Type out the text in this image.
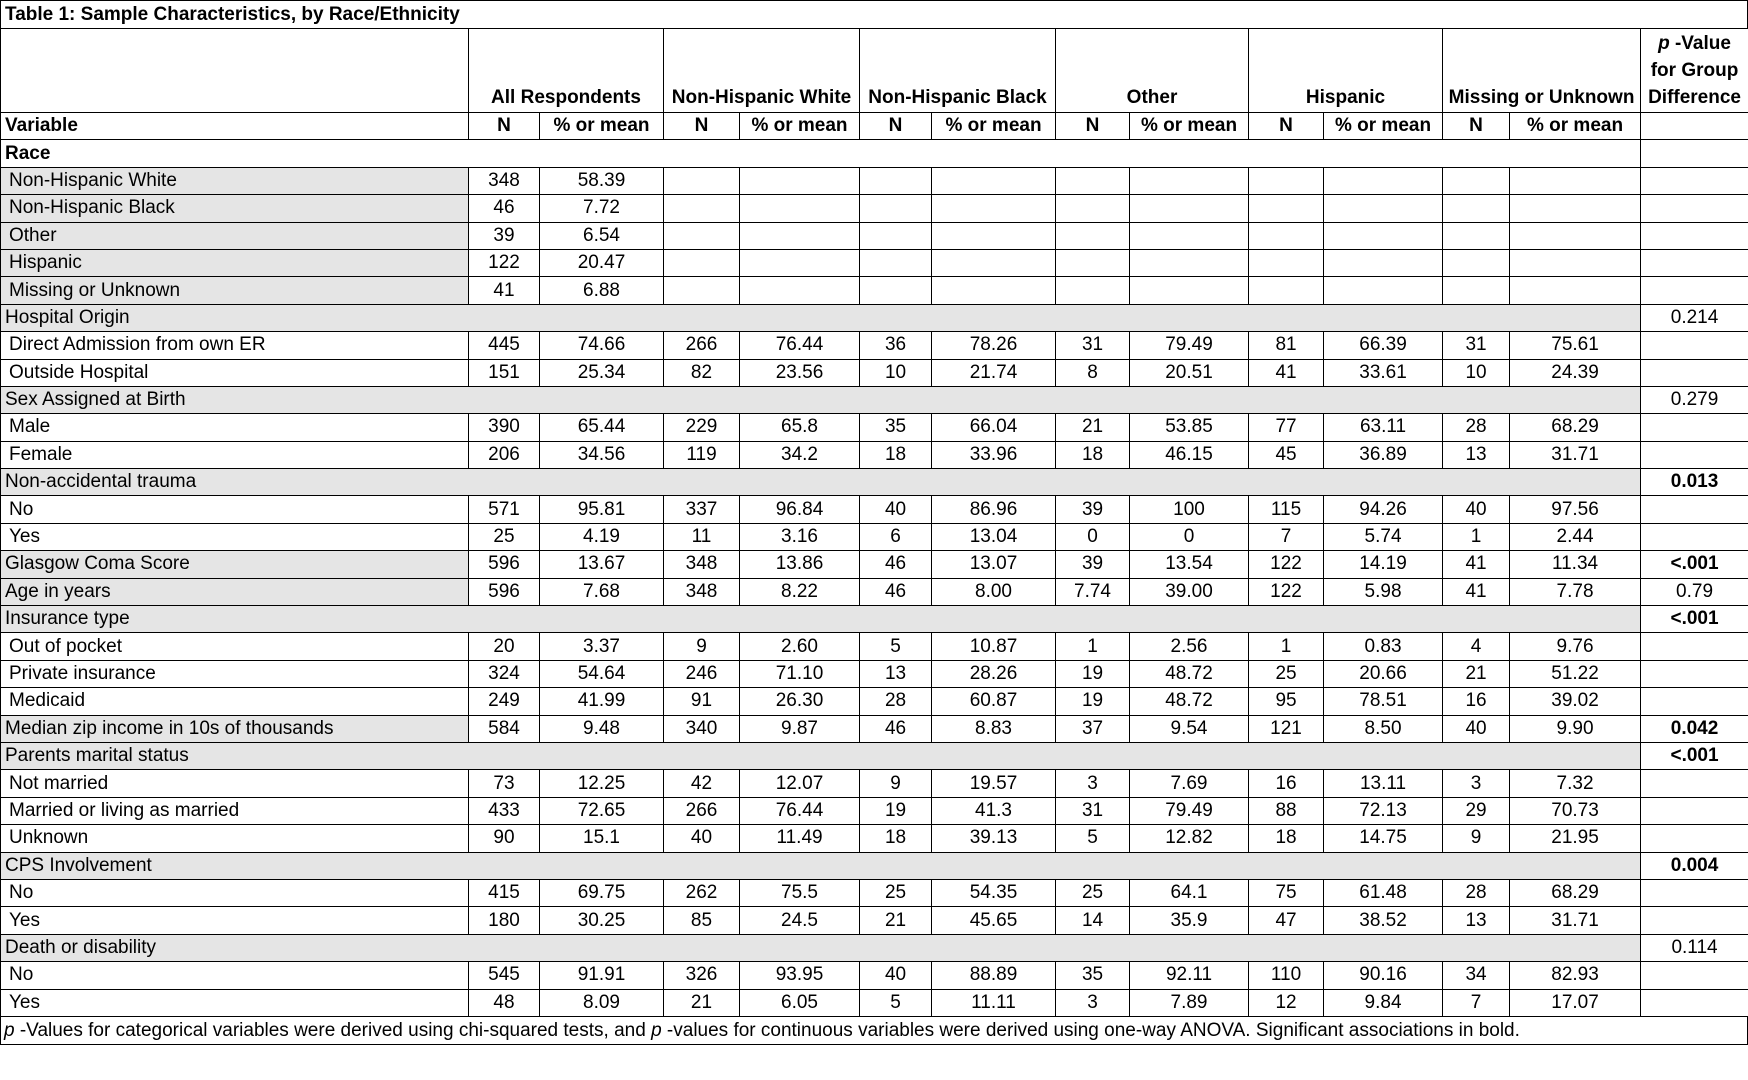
Table 1: Sample Characteristics, by Race/Ethnicity
	All Respondents		Non-Hispanic White		Non-Hispanic Black		Other		Hispanic		Missing or Unknown		p -Value for Group Difference
Variable	N	% or mean	N	% or mean	N	% or mean	N	% or mean	N	% or mean	N	% or mean	
Race													
Non-Hispanic White	348	58.39											
Non-Hispanic Black	46	7.72											
Other	39	6.54											
Hispanic	122	20.47											
Missing or Unknown	41	6.88											
Hospital Origin													0.214
Direct Admission from own ER	445	74.66	266	76.44	36	78.26	31	79.49	81	66.39	31	75.61	
Outside Hospital	151	25.34	82	23.56	10	21.74	8	20.51	41	33.61	10	24.39	
Sex Assigned at Birth													0.279
Male	390	65.44	229	65.8	35	66.04	21	53.85	77	63.11	28	68.29	
Female	206	34.56	119	34.2	18	33.96	18	46.15	45	36.89	13	31.71	
Non-accidental trauma													0.013
No	571	95.81	337	96.84	40	86.96	39	100	115	94.26	40	97.56	
Yes	25	4.19	11	3.16	6	13.04	0	0	7	5.74	1	2.44	
Glasgow Coma Score	596	13.67	348	13.86	46	13.07	39	13.54	122	14.19	41	11.34	<.001
Age in years	596	7.68	348	8.22	46	8.00	7.74	39.00	122	5.98	41	7.78	0.79
Insurance type													<.001
Out of pocket	20	3.37	9	2.60	5	10.87	1	2.56	1	0.83	4	9.76	
Private insurance	324	54.64	246	71.10	13	28.26	19	48.72	25	20.66	21	51.22	
Medicaid	249	41.99	91	26.30	28	60.87	19	48.72	95	78.51	16	39.02	
Median zip income in 10s of thousands	584	9.48	340	9.87	46	8.83	37	9.54	121	8.50	40	9.90	0.042
Parents marital status													<.001
Not married	73	12.25	42	12.07	9	19.57	3	7.69	16	13.11	3	7.32	
Married or living as married	433	72.65	266	76.44	19	41.3	31	79.49	88	72.13	29	70.73	
Unknown	90	15.1	40	11.49	18	39.13	5	12.82	18	14.75	9	21.95	
CPS Involvement													0.004
No	415	69.75	262	75.5	25	54.35	25	64.1	75	61.48	28	68.29	
Yes	180	30.25	85	24.5	21	45.65	14	35.9	47	38.52	13	31.71	
Death or disability													0.114
No	545	91.91	326	93.95	40	88.89	35	92.11	110	90.16	34	82.93	
Yes	48	8.09	21	6.05	5	11.11	3	7.89	12	9.84	7	17.07	
p -Values for categorical variables were derived using chi-squared tests, and p -values for continuous variables were derived using one-way ANOVA. Significant associations in bold.
